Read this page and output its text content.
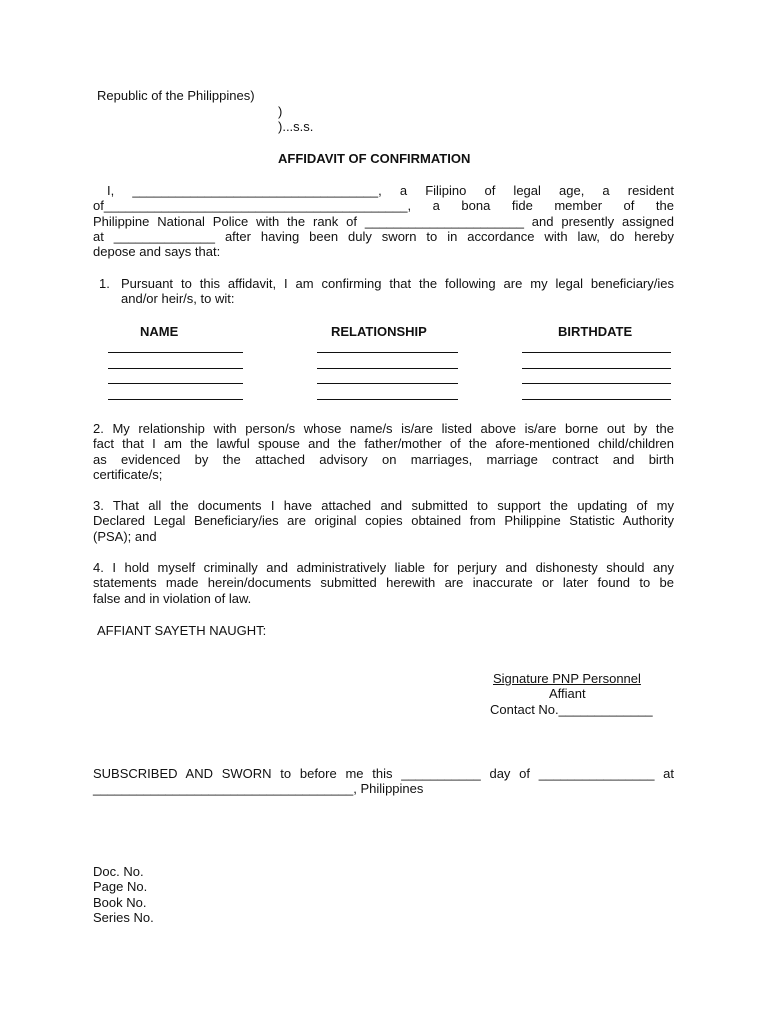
Republic of the Philippines)
)
)...s.s.
AFFIDAVIT OF CONFIRMATION
I, __________________________________, a Filipino of legal age, a resident
of__________________________________________, a bona fide member of the
Philippine National Police with the rank of ______________________ and presently assigned
at ______________ after having been duly sworn to in accordance with law, do hereby
depose and says that:
1. Pursuant to this affidavit, I am confirming that the following are my legal beneficiary/ies
and/or heir/s, to wit:
NAME	RELATIONSHIP	BIRTHDATE
2. My relationship with person/s whose name/s is/are listed above is/are borne out by the
fact that I am the lawful spouse and the father/mother of the afore-mentioned child/children
as evidenced by the attached advisory on marriages, marriage contract and birth
certificate/s;
3. That all the documents I have attached and submitted to support the updating of my
Declared Legal Beneficiary/ies are original copies obtained from Philippine Statistic Authority
(PSA); and
4. I hold myself criminally and administratively liable for perjury and dishonesty should any
statements made herein/documents submitted herewith are inaccurate or later found to be
false and in violation of law.
AFFIANT SAYETH NAUGHT:
Signature PNP Personnel
Affiant
Contact No._____________
SUBSCRIBED AND SWORN to before me this ___________ day of ________________ at
____________________________________, Philippines
Doc. No.
Page No.
Book No.
Series No.
